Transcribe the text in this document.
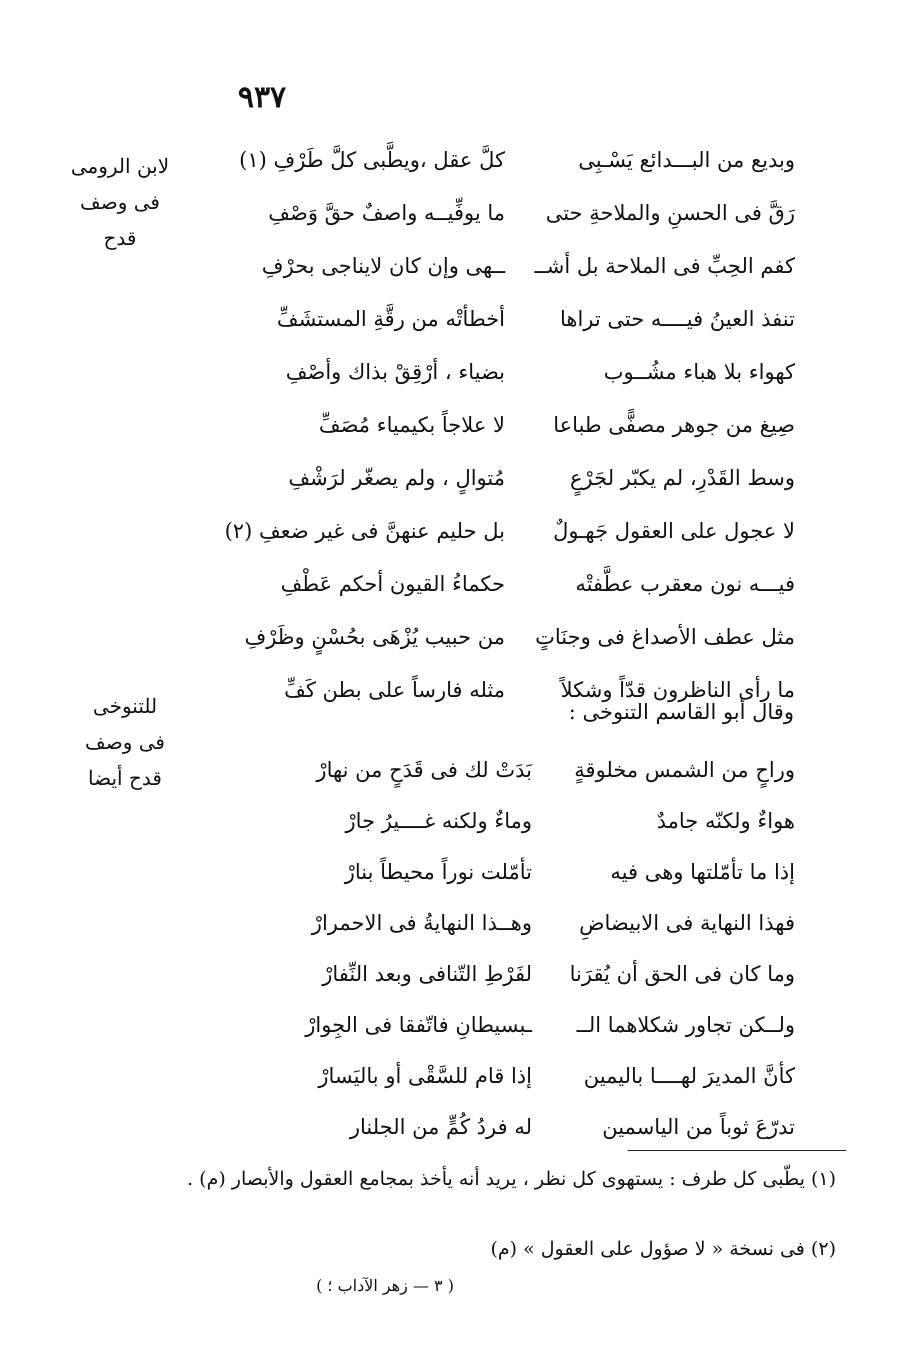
٩٣٧
لابن الرومى
فى وصف
قدح
للتنوخى
فى وصف
قدح أيضا
وبديع من البـــدائع يَسْـبِى
كلَّ عقل ،ويطَّبى كلَّ طَرْفِ (١)
رَقَّ فى الحسنِ والملاحةِ حتى
ما يوفِّيــه واصفٌ حقَّ وَصْفِ
كفم الحِبِّ فى الملاحة بل أشــ
ــهى وإن كان لايناجى بحرْفِ
تنفذ العينُ فيــــه حتى تراها
أخطأتْه من رقَّةِ المستشَفِّ
كهواء بلا هباء مشُــوب
بضياء ، أرْقِقْ بذاك وأصْفِ
صِيغ من جوهر مصفًّى طباعا
لا علاجاً بكيمياء مُصَفِّ
وسط القَدْرِ، لم يكبّر لجَرْعٍ
مُتوالٍ ، ولم يصغّر لرَشْفِ
لا عجول على العقول جَهـولٌ
بل حليم عنهنَّ فى غير ضعفِ (٢)
فيـــه نون معقرب عطَّفتْه
حكماءُ القيون أحكم عَطْفِ
مثل عطف الأصداغ فى وجنَاتٍ
من حبيب يُزْهَى بحُسْنٍ وظَرْفِ
ما رأى الناظرون قدّاً وشكلاً
مثله فارساً على بطن كَفِّ
وقال أبو القاسم التنوخى :
وراحٍ من الشمس مخلوقةٍ
بَدَتْ لك فى قَدَحٍ من نهارْ
هواءٌ ولكنّه جامدٌ
وماءٌ ولكنه غــــيرُ جارْ
إذا ما تأمّلتها وهى فيه
تأمّلت نوراً محيطاً بنارْ
فهذا النهاية فى الابيضاضِ
وهــذا النهايةُ فى الاحمرارْ
وما كان فى الحق أن يُقرَنا
لفَرْطِ التّنافى وبعد النِّفارْ
ولــكن تجاور شكلاهما الــ
ـبسيطانِ فاتّفقا فى الجِوارْ
كأنَّ المديرَ لهــــا باليمين
إذا قام للسَّقْى أو باليَسارْ
تدرّعَ ثوباً من الياسمين
له فردُ كُمٍّ من الجلنار
(١) يطّبى كل طرف : يستهوى كل نظر ، يريد أنه يأخذ بمجامع العقول والأبصار (م) .
(٢) فى نسخة « لا صؤول على العقول » (م)
( ٣ — زهر الآداب ؛ )
